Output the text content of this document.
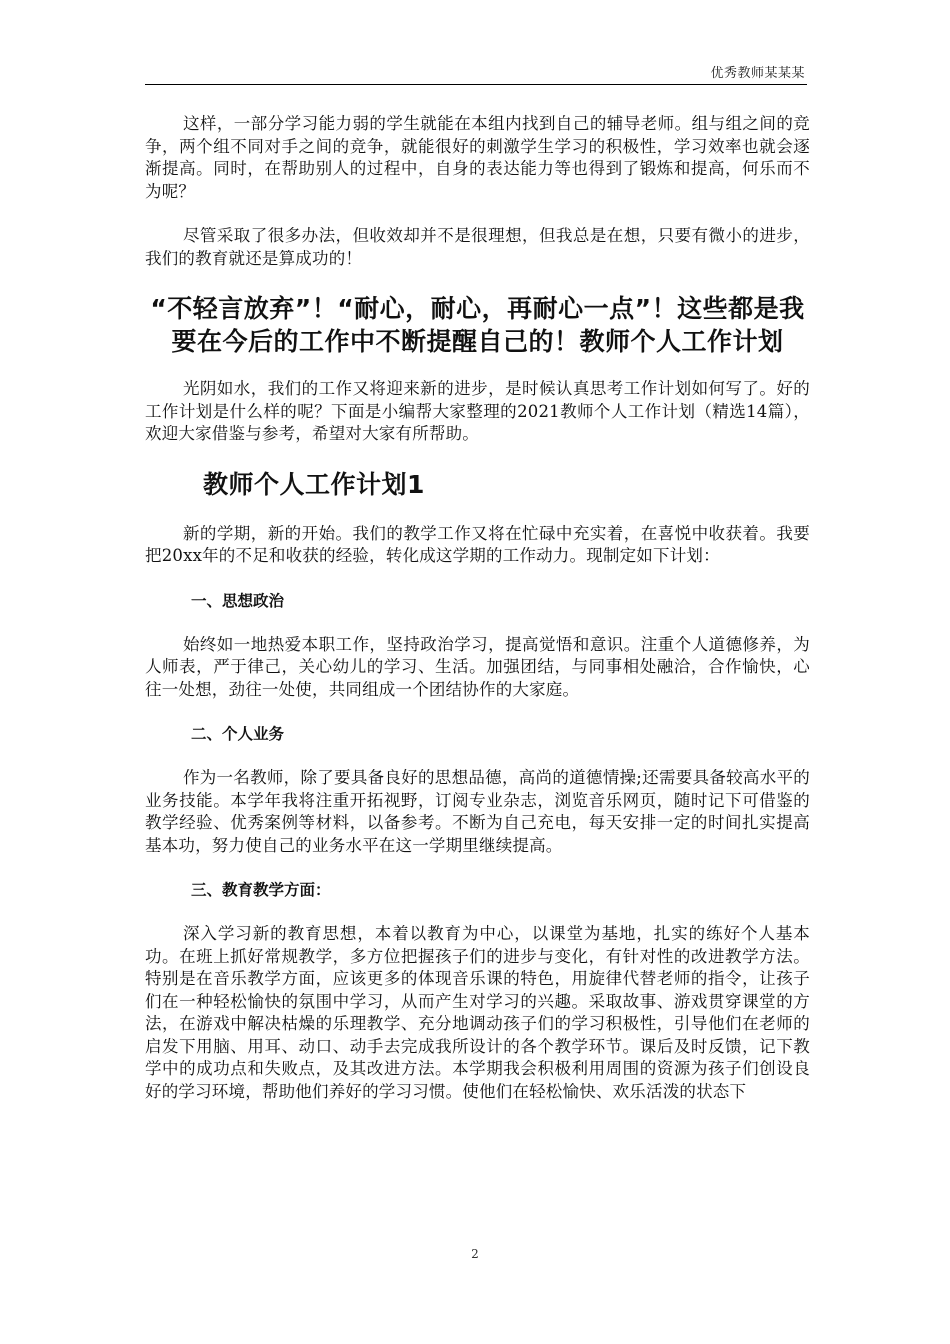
优秀教师某某某

这样，一部分学习能力弱的学生就能在本组内找到自己的辅导老师。组与组之间的竞争，两个组不同对手之间的竞争，就能很好的刺激学生学习的积极性，学习效率也就会逐渐提高。同时，在帮助别人的过程中，自身的表达能力等也得到了锻炼和提高，何乐而不为呢？

尽管采取了很多办法，但收效却并不是很理想，但我总是在想，只要有微小的进步，我们的教育就还是算成功的！

“不轻言放弃”！“耐心，耐心，再耐心一点”！这些都是我要在今后的工作中不断提醒自己的！教师个人工作计划

光阴如水，我们的工作又将迎来新的进步，是时候认真思考工作计划如何写了。好的工作计划是什么样的呢？下面是小编帮大家整理的2021教师个人工作计划（精选14篇），欢迎大家借鉴与参考，希望对大家有所帮助。

教师个人工作计划1

新的学期，新的开始。我们的教学工作又将在忙碌中充实着，在喜悦中收获着。我要把20xx年的不足和收获的经验，转化成这学期的工作动力。现制定如下计划：

一、思想政治

始终如一地热爱本职工作，坚持政治学习，提高觉悟和意识。注重个人道德修养，为人师表，严于律己，关心幼儿的学习、生活。加强团结，与同事相处融洽，合作愉快，心往一处想，劲往一处使，共同组成一个团结协作的大家庭。

二、个人业务

作为一名教师，除了要具备良好的思想品德，高尚的道德情操;还需要具备较高水平的业务技能。本学年我将注重开拓视野，订阅专业杂志，浏览音乐网页，随时记下可借鉴的教学经验、优秀案例等材料，以备参考。不断为自己充电，每天安排一定的时间扎实提高基本功，努力使自己的业务水平在这一学期里继续提高。

三、教育教学方面：

深入学习新的教育思想，本着以教育为中心，以课堂为基地，扎实的练好个人基本功。在班上抓好常规教学，多方位把握孩子们的进步与变化，有针对性的改进教学方法。特别是在音乐教学方面，应该更多的体现音乐课的特色，用旋律代替老师的指令，让孩子们在一种轻松愉快的氛围中学习，从而产生对学习的兴趣。采取故事、游戏贯穿课堂的方法，在游戏中解决枯燥的乐理教学、充分地调动孩子们的学习积极性，引导他们在老师的启发下用脑、用耳、动口、动手去完成我所设计的各个教学环节。课后及时反馈，记下教学中的成功点和失败点，及其改进方法。本学期我会积极利用周围的资源为孩子们创设良好的学习环境，帮助他们养好的学习习惯。使他们在轻松愉快、欢乐活泼的状态下

2
